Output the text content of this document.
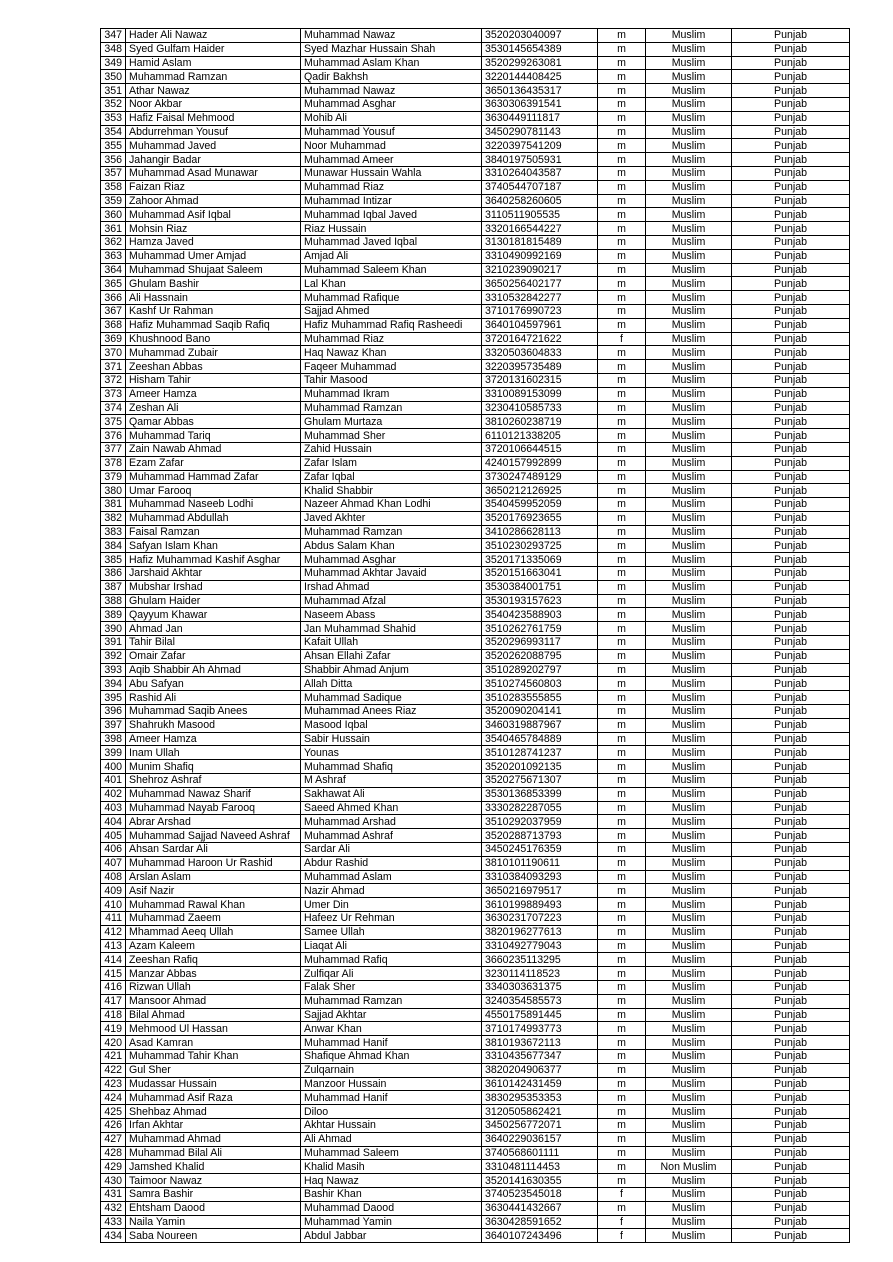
347	Hader Ali Nawaz	Muhammad Nawaz	3520203040097	m	Muslim	Punjab
348	Syed Gulfam Haider	Syed Mazhar Hussain Shah	3530145654389	m	Muslim	Punjab
349	Hamid Aslam	Muhammad Aslam Khan	3520299263081	m	Muslim	Punjab
350	Muhammad Ramzan	Qadir Bakhsh	3220144408425	m	Muslim	Punjab
351	Athar Nawaz	Muhammad Nawaz	3650136435317	m	Muslim	Punjab
352	Noor Akbar	Muhammad Asghar	3630306391541	m	Muslim	Punjab
353	Hafiz Faisal Mehmood	Mohib Ali	3630449111817	m	Muslim	Punjab
354	Abdurrehman Yousuf	Muhammad Yousuf	3450290781143	m	Muslim	Punjab
355	Muhammad Javed	Noor Muhammad	3220397541209	m	Muslim	Punjab
356	Jahangir Badar	Muhammad Ameer	3840197505931	m	Muslim	Punjab
357	Muhammad Asad Munawar	Munawar Hussain Wahla	3310264043587	m	Muslim	Punjab
358	Faizan Riaz	Muhammad Riaz	3740544707187	m	Muslim	Punjab
359	Zahoor Ahmad	Muhammad Intizar	3640258260605	m	Muslim	Punjab
360	Muhammad Asif Iqbal	Muhammad Iqbal Javed	3110511905535	m	Muslim	Punjab
361	Mohsin Riaz	Riaz Hussain	3320166544227	m	Muslim	Punjab
362	Hamza Javed	Muhammad Javed Iqbal	3130181815489	m	Muslim	Punjab
363	Muhammad Umer Amjad	Amjad Ali	3310490992169	m	Muslim	Punjab
364	Muhammad Shujaat Saleem	Muhammad Saleem Khan	3210239090217	m	Muslim	Punjab
365	Ghulam Bashir	Lal Khan	3650256402177	m	Muslim	Punjab
366	Ali Hassnain	Muhammad Rafique	3310532842277	m	Muslim	Punjab
367	Kashf Ur Rahman	Sajjad Ahmed	3710176990723	m	Muslim	Punjab
368	Hafiz Muhammad Saqib Rafiq	Hafiz Muhammad Rafiq Rasheedi	3640104597961	m	Muslim	Punjab
369	Khushnood Bano	Muhammad Riaz	3720164721622	f	Muslim	Punjab
370	Muhammad Zubair	Haq Nawaz Khan	3320503604833	m	Muslim	Punjab
371	Zeeshan Abbas	Faqeer Muhammad	3220395735489	m	Muslim	Punjab
372	Hisham Tahir	Tahir Masood	3720131602315	m	Muslim	Punjab
373	Ameer Hamza	Muhammad Ikram	3310089153099	m	Muslim	Punjab
374	Zeshan Ali	Muhammad Ramzan	3230410585733	m	Muslim	Punjab
375	Qamar Abbas	Ghulam Murtaza	3810260238719	m	Muslim	Punjab
376	Muhammad Tariq	Muhammad Sher	6110121338205	m	Muslim	Punjab
377	Zain Nawab Ahmad	Zahid Hussain	3720106644515	m	Muslim	Punjab
378	Ezam Zafar	Zafar Islam	4240157992899	m	Muslim	Punjab
379	Muhammad Hammad Zafar	Zafar Iqbal	3730247489129	m	Muslim	Punjab
380	Umar Farooq	Khalid Shabbir	3650212126925	m	Muslim	Punjab
381	Muhammad Naseeb Lodhi	Nazeer Ahmad Khan Lodhi	3540459952059	m	Muslim	Punjab
382	Muhammad Abdullah	Javed Akhter	3520176923655	m	Muslim	Punjab
383	Faisal Ramzan	Muhammad Ramzan	3410286628113	m	Muslim	Punjab
384	Safyan Islam Khan	Abdus Salam Khan	3510230293725	m	Muslim	Punjab
385	Hafiz Muhammad Kashif Asghar	Muhammad Asghar	3520171335069	m	Muslim	Punjab
386	Jarshaid Akhtar	Muhammad Akhtar Javaid	3520151663041	m	Muslim	Punjab
387	Mubshar Irshad	Irshad Ahmad	3530384001751	m	Muslim	Punjab
388	Ghulam Haider	Muhammad Afzal	3530193157623	m	Muslim	Punjab
389	Qayyum Khawar	Naseem Abass	3540423588903	m	Muslim	Punjab
390	Ahmad Jan	Jan Muhammad Shahid	3510262761759	m	Muslim	Punjab
391	Tahir Bilal	Kafait Ullah	3520296993117	m	Muslim	Punjab
392	Omair Zafar	Ahsan Ellahi Zafar	3520262088795	m	Muslim	Punjab
393	Aqib Shabbir Ah Ahmad	Shabbir Ahmad Anjum	3510289202797	m	Muslim	Punjab
394	Abu Safyan	Allah Ditta	3510274560803	m	Muslim	Punjab
395	Rashid Ali	Muhammad Sadique	3510283555855	m	Muslim	Punjab
396	Muhammad Saqib Anees	Muhammad Anees Riaz	3520090204141	m	Muslim	Punjab
397	Shahrukh Masood	Masood Iqbal	3460319887967	m	Muslim	Punjab
398	Ameer Hamza	Sabir Hussain	3540465784889	m	Muslim	Punjab
399	Inam Ullah	Younas	3510128741237	m	Muslim	Punjab
400	Munim Shafiq	Muhammad Shafiq	3520201092135	m	Muslim	Punjab
401	Shehroz Ashraf	M Ashraf	3520275671307	m	Muslim	Punjab
402	Muhammad Nawaz Sharif	Sakhawat Ali	3530136853399	m	Muslim	Punjab
403	Muhammad Nayab Farooq	Saeed Ahmed Khan	3330282287055	m	Muslim	Punjab
404	Abrar Arshad	Muhammad Arshad	3510292037959	m	Muslim	Punjab
405	Muhammad Sajjad Naveed Ashraf	Muhammad Ashraf	3520288713793	m	Muslim	Punjab
406	Ahsan Sardar Ali	Sardar Ali	3450245176359	m	Muslim	Punjab
407	Muhammad Haroon Ur Rashid	Abdur Rashid	3810101190611	m	Muslim	Punjab
408	Arslan Aslam	Muhammad Aslam	3310384093293	m	Muslim	Punjab
409	Asif Nazir	Nazir Ahmad	3650216979517	m	Muslim	Punjab
410	Muhammad Rawal Khan	Umer Din	3610199889493	m	Muslim	Punjab
411	Muhammad Zaeem	Hafeez Ur Rehman	3630231707223	m	Muslim	Punjab
412	Mhammad Aeeq Ullah	Samee Ullah	3820196277613	m	Muslim	Punjab
413	Azam Kaleem	Liaqat Ali	3310492779043	m	Muslim	Punjab
414	Zeeshan Rafiq	Muhammad Rafiq	3660235113295	m	Muslim	Punjab
415	Manzar Abbas	Zulfiqar Ali	3230114118523	m	Muslim	Punjab
416	Rizwan Ullah	Falak Sher	3340303631375	m	Muslim	Punjab
417	Mansoor Ahmad	Muhammad Ramzan	3240354585573	m	Muslim	Punjab
418	Bilal Ahmad	Sajjad Akhtar	4550175891445	m	Muslim	Punjab
419	Mehmood Ul Hassan	Anwar Khan	3710174993773	m	Muslim	Punjab
420	Asad Kamran	Muhammad Hanif	3810193672113	m	Muslim	Punjab
421	Muhammad Tahir Khan	Shafique Ahmad Khan	3310435677347	m	Muslim	Punjab
422	Gul Sher	Zulqarnain	3820204906377	m	Muslim	Punjab
423	Mudassar Hussain	Manzoor Hussain	3610142431459	m	Muslim	Punjab
424	Muhammad Asif Raza	Muhammad Hanif	3830295353353	m	Muslim	Punjab
425	Shehbaz Ahmad	Diloo	3120505862421	m	Muslim	Punjab
426	Irfan Akhtar	Akhtar Hussain	3450256772071	m	Muslim	Punjab
427	Muhammad Ahmad	Ali Ahmad	3640229036157	m	Muslim	Punjab
428	Muhammad Bilal Ali	Muhammad Saleem	3740568601111	m	Muslim	Punjab
429	Jamshed Khalid	Khalid Masih	3310481114453	m	Non Muslim	Punjab
430	Taimoor Nawaz	Haq Nawaz	3520141630355	m	Muslim	Punjab
431	Samra Bashir	Bashir Khan	3740523545018	f	Muslim	Punjab
432	Ehtsham Daood	Muhammad Daood	3630441432667	m	Muslim	Punjab
433	Naila Yamin	Muhammad Yamin	3630428591652	f	Muslim	Punjab
434	Saba Noureen	Abdul Jabbar	3640107243496	f	Muslim	Punjab
